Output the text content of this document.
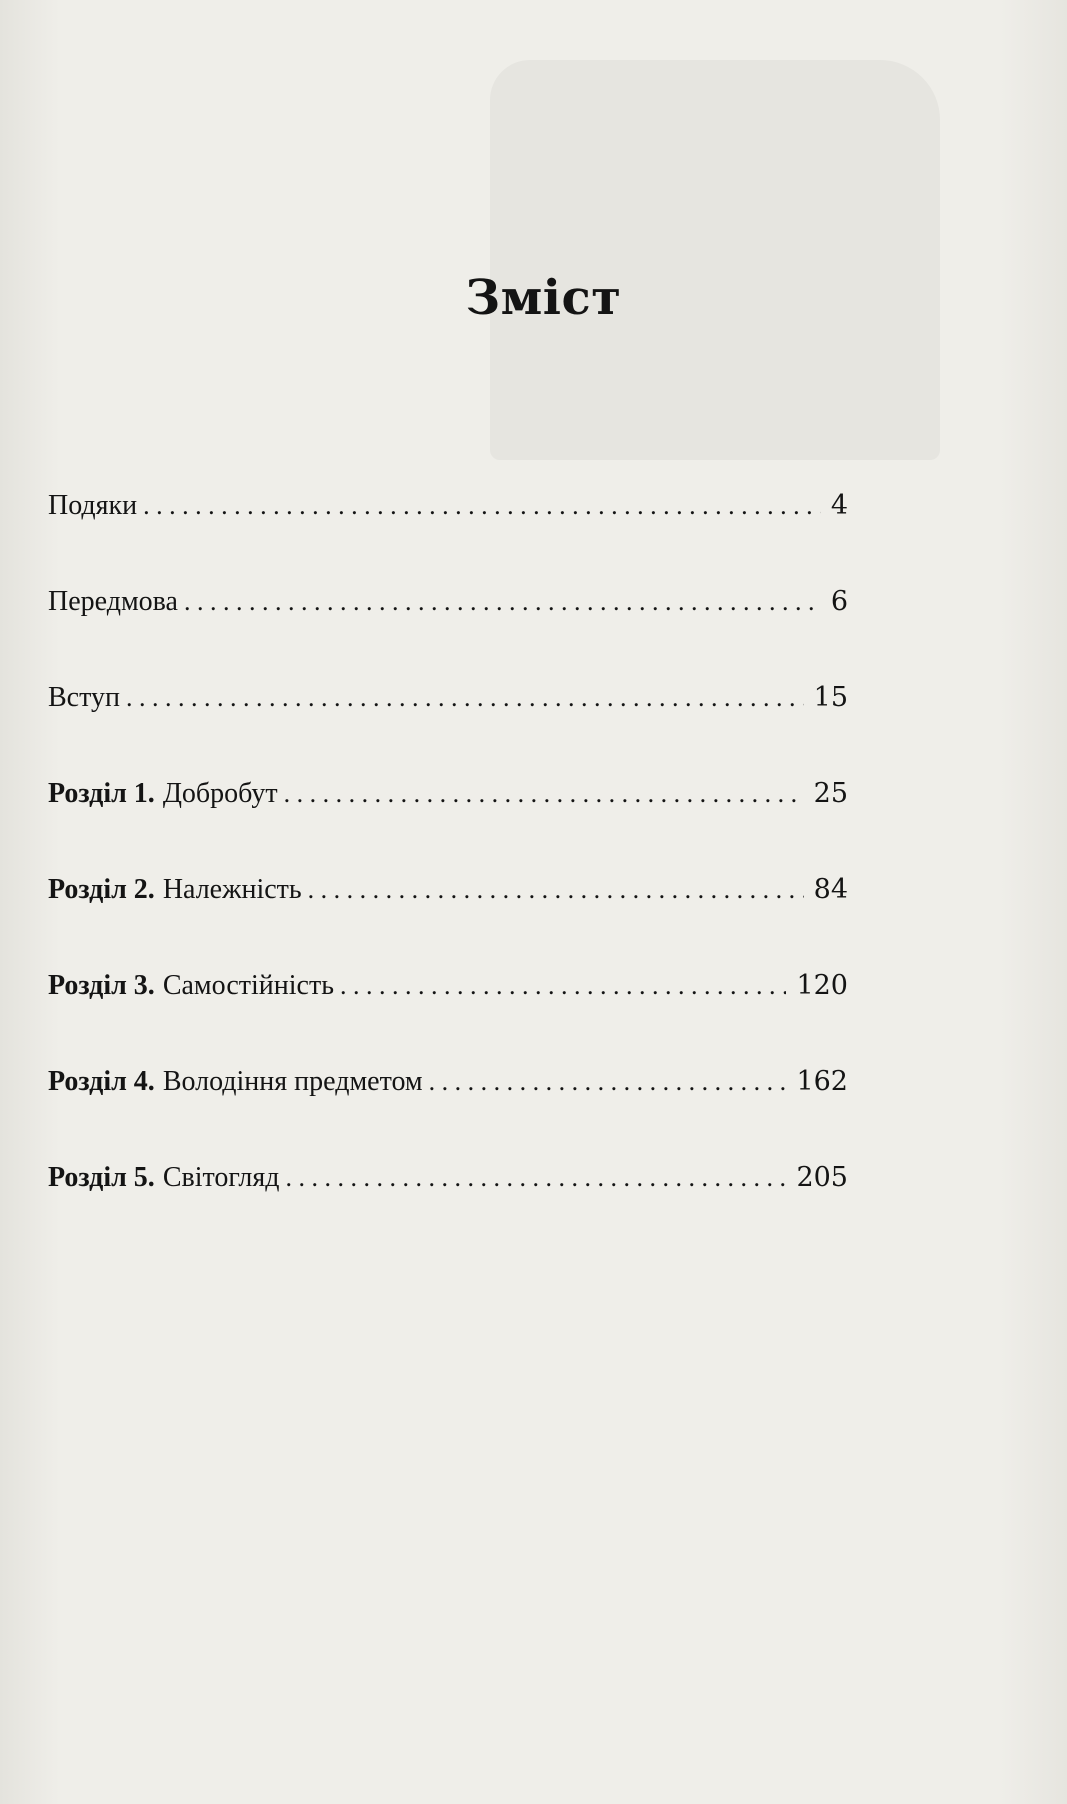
Зміст
Подяки . . .	4
Передмова . . .	6
Вступ . . .	15
Розділ 1. Добробут . . .	25
Розділ 2. Належність . . .	84
Розділ 3. Самостійність . . .	120
Розділ 4. Володіння предметом . . .	162
Розділ 5. Світогляд . . .	205
